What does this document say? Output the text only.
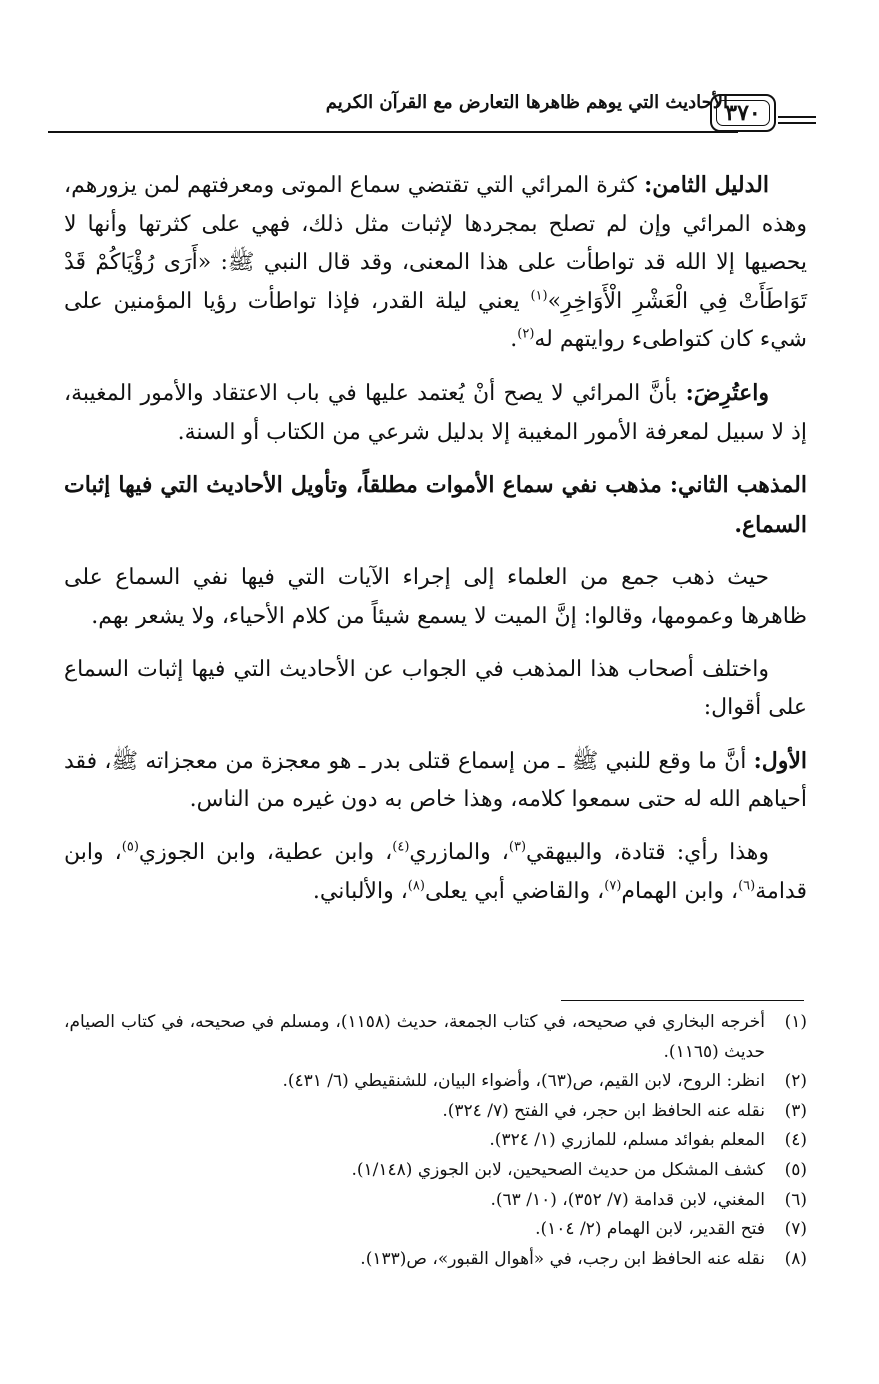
الأحاديث التي يوهم ظاهرها التعارض مع القرآن الكريم
٣٧٠

الدليل الثامن: كثرة المرائي التي تقتضي سماع الموتى ومعرفتهم لمن يزورهم، وهذه المرائي وإن لم تصلح بمجردها لإثبات مثل ذلك، فهي على كثرتها وأنها لا يحصيها إلا الله قد تواطأت على هذا المعنى، وقد قال النبي ﷺ: «أَرَى رُؤْيَاكُمْ قَدْ تَوَاطَأَتْ فِي الْعَشْرِ الْأَوَاخِرِ»$^{(١)}$ يعني ليلة القدر، فإذا تواطأت رؤيا المؤمنين على شيء كان كتواطىء روايتهم له$^{(٢)}$.

واعتُرِضَ: بأنَّ المرائي لا يصح أنْ يُعتمد عليها في باب الاعتقاد والأمور المغيبة، إذ لا سبيل لمعرفة الأمور المغيبة إلا بدليل شرعي من الكتاب أو السنة.

المذهب الثاني: مذهب نفي سماع الأموات مطلقاً، وتأويل الأحاديث التي فيها إثبات السماع.

حيث ذهب جمع من العلماء إلى إجراء الآيات التي فيها نفي السماع على ظاهرها وعمومها، وقالوا: إنَّ الميت لا يسمع شيئاً من كلام الأحياء، ولا يشعر بهم.

واختلف أصحاب هذا المذهب في الجواب عن الأحاديث التي فيها إثبات السماع على أقوال:

الأول: أنَّ ما وقع للنبي ﷺ ـ من إسماع قتلى بدر ـ هو معجزة من معجزاته ﷺ، فقد أحياهم الله له حتى سمعوا كلامه، وهذا خاص به دون غيره من الناس.

وهذا رأي: قتادة، والبيهقي$^{(٣)}$، والمازري$^{(٤)}$، وابن عطية، وابن الجوزي$^{(٥)}$، وابن قدامة$^{(٦)}$، وابن الهمام$^{(٧)}$، والقاضي أبي يعلى$^{(٨)}$، والألباني.

(١)
أخرجه البخاري في صحيحه، في كتاب الجمعة، حديث (١١٥٨)، ومسلم في صحيحه، في كتاب الصيام، حديث (١١٦٥).
(٢)
انظر: الروح، لابن القيم، ص(٦٣)، وأضواء البيان، للشنقيطي (٦/ ٤٣١).
(٣)
نقله عنه الحافظ ابن حجر، في الفتح (٧/ ٣٢٤).
(٤)
المعلم بفوائد مسلم، للمازري (١/ ٣٢٤).
(٥)
كشف المشكل من حديث الصحيحين، لابن الجوزي (١/١٤٨).
(٦)
المغني، لابن قدامة (٧/ ٣٥٢)، (١٠/ ٦٣).
(٧)
فتح القدير، لابن الهمام (٢/ ١٠٤).
(٨)
نقله عنه الحافظ ابن رجب، في «أهوال القبور»، ص(١٣٣).
